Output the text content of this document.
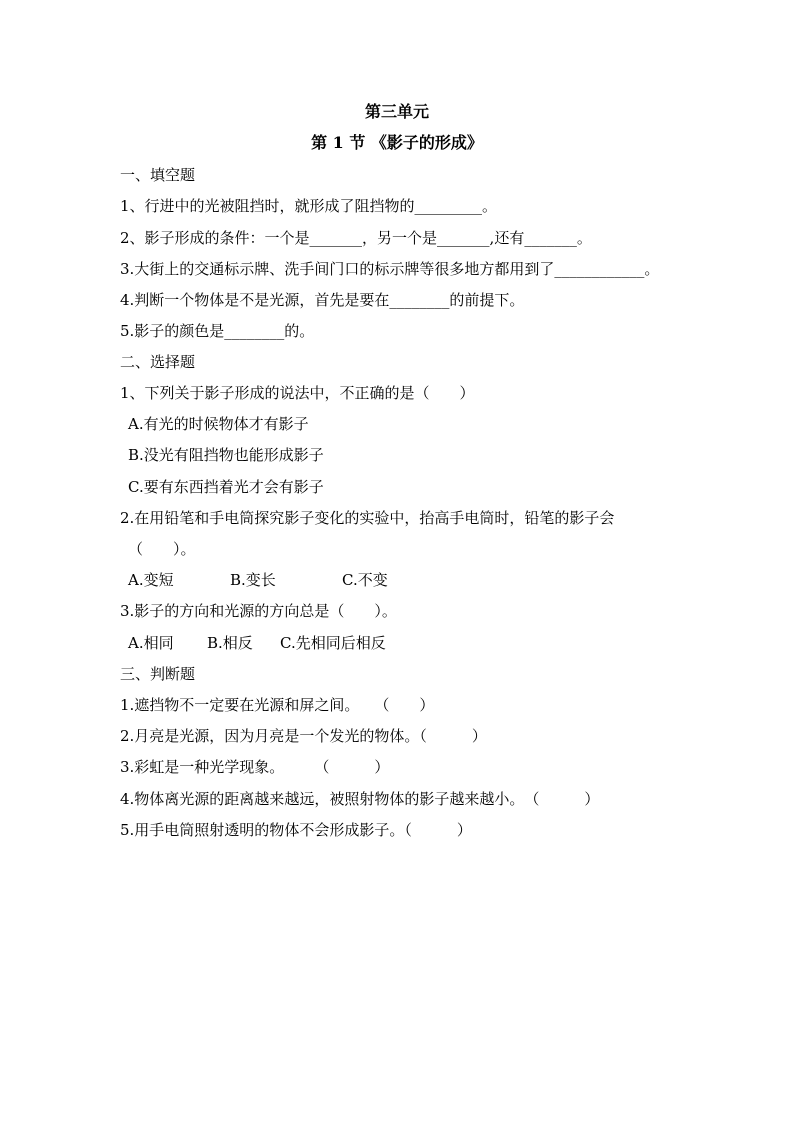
第三单元
第 1 节 《影子的形成》
一、填空题
1、行进中的光被阻挡时，就形成了阻挡物的_________。
2、影子形成的条件：一个是_______，另一个是_______,还有_______。
3.大街上的交通标示牌、洗手间门口的标示牌等很多地方都用到了____________。
4.判断一个物体是不是光源，首先是要在________的前提下。
5.影子的颜色是________的。
二、选择题
1、下列关于影子形成的说法中，不正确的是（　　）
A.有光的时候物体才有影子
B.没光有阻挡物也能形成影子
C.要有东西挡着光才会有影子
2.在用铅笔和手电筒探究影子变化的实验中，抬高手电筒时，铅笔的影子会
（　　）。
A.变短	B.变长	C.不变
3.影子的方向和光源的方向总是（　　）。
A.相同 B.相反 C.先相同后相反
三、判断题
1.遮挡物不一定要在光源和屏之间。　　（　　）
2.月亮是光源，因为月亮是一个发光的物体。（　　　）
3.彩虹是一种光学现象。　　　（　　　）
4.物体离光源的距离越来越远，被照射物体的影子越来越小。　（　　　）
5.用手电筒照射透明的物体不会形成影子。（　　　）
